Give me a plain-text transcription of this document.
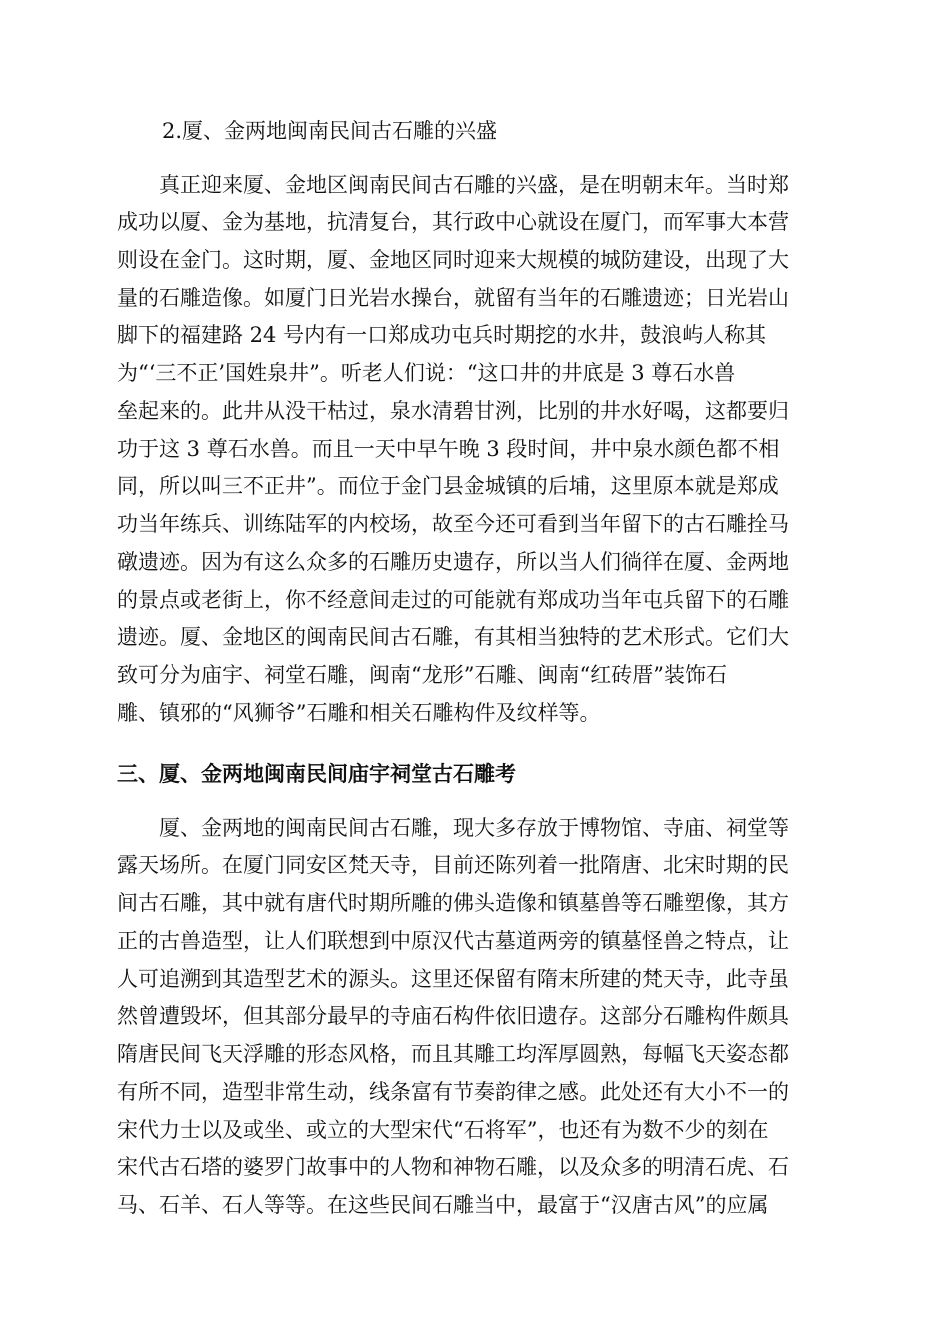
2.厦、金两地闽南民间古石雕的兴盛
　　真正迎来厦、金地区闽南民间古石雕的兴盛，是在明朝末年。当时郑
成功以厦、金为基地，抗清复台，其行政中心就设在厦门，而军事大本营
则设在金门。这时期，厦、金地区同时迎来大规模的城防建设，出现了大
量的石雕造像。如厦门日光岩水操台，就留有当年的石雕遗迹；日光岩山
脚下的福建路 24 号内有一口郑成功屯兵时期挖的水井，鼓浪屿人称其
为“‘三不正’国姓泉井”。听老人们说：“这口井的井底是 3 尊石水兽
垒起来的。此井从没干枯过，泉水清碧甘洌，比别的井水好喝，这都要归
功于这 3 尊石水兽。而且一天中早午晚 3 段时间，井中泉水颜色都不相
同，所以叫三不正井”。而位于金门县金城镇的后埔，这里原本就是郑成
功当年练兵、训练陆军的内校场，故至今还可看到当年留下的古石雕拴马
礅遗迹。因为有这么众多的石雕历史遗存，所以当人们徜徉在厦、金两地
的景点或老街上，你不经意间走过的可能就有郑成功当年屯兵留下的石雕
遗迹。厦、金地区的闽南民间古石雕，有其相当独特的艺术形式。它们大
致可分为庙宇、祠堂石雕，闽南“龙形”石雕、闽南“红砖厝”装饰石
雕、镇邪的“风狮爷”石雕和相关石雕构件及纹样等。
三、厦、金两地闽南民间庙宇祠堂古石雕考
　　厦、金两地的闽南民间古石雕，现大多存放于博物馆、寺庙、祠堂等
露天场所。在厦门同安区梵天寺，目前还陈列着一批隋唐、北宋时期的民
间古石雕，其中就有唐代时期所雕的佛头造像和镇墓兽等石雕塑像，其方
正的古兽造型，让人们联想到中原汉代古墓道两旁的镇墓怪兽之特点，让
人可追溯到其造型艺术的源头。这里还保留有隋末所建的梵天寺，此寺虽
然曾遭毁坏，但其部分最早的寺庙石构件依旧遗存。这部分石雕构件颇具
隋唐民间飞天浮雕的形态风格，而且其雕工均浑厚圆熟，每幅飞天姿态都
有所不同，造型非常生动，线条富有节奏韵律之感。此处还有大小不一的
宋代力士以及或坐、或立的大型宋代“石将军”，也还有为数不少的刻在
宋代古石塔的婆罗门故事中的人物和神物石雕，以及众多的明清石虎、石
马、石羊、石人等等。在这些民间石雕当中，最富于“汉唐古风”的应属
